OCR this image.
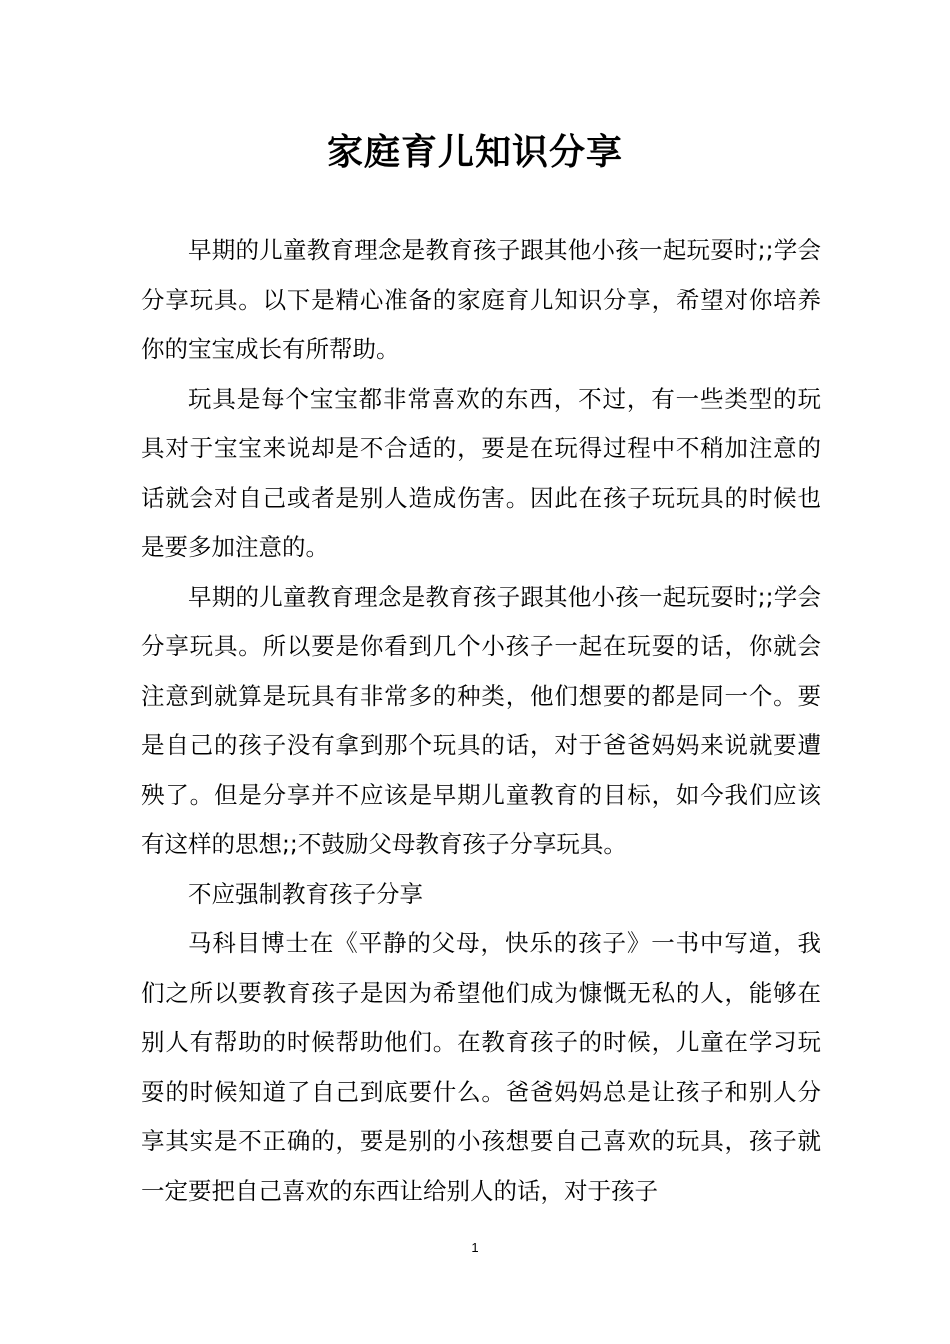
家庭育儿知识分享

早期的儿童教育理念是教育孩子跟其他小孩一起玩耍时;;学会分享玩具。以下是精心准备的家庭育儿知识分享，希望对你培养你的宝宝成长有所帮助。

玩具是每个宝宝都非常喜欢的东西，不过，有一些类型的玩具对于宝宝来说却是不合适的，要是在玩得过程中不稍加注意的话就会对自己或者是别人造成伤害。因此在孩子玩玩具的时候也是要多加注意的。

早期的儿童教育理念是教育孩子跟其他小孩一起玩耍时;;学会分享玩具。所以要是你看到几个小孩子一起在玩耍的话，你就会注意到就算是玩具有非常多的种类，他们想要的都是同一个。要是自己的孩子没有拿到那个玩具的话，对于爸爸妈妈来说就要遭殃了。但是分享并不应该是早期儿童教育的目标，如今我们应该有这样的思想;;不鼓励父母教育孩子分享玩具。

不应强制教育孩子分享

马科目博士在《平静的父母，快乐的孩子》一书中写道，我们之所以要教育孩子是因为希望他们成为慷慨无私的人，能够在别人有帮助的时候帮助他们。在教育孩子的时候，儿童在学习玩耍的时候知道了自己到底要什么。爸爸妈妈总是让孩子和别人分享其实是不正确的，要是别的小孩想要自己喜欢的玩具，孩子就一定要把自己喜欢的东西让给别人的话，对于孩子

1
